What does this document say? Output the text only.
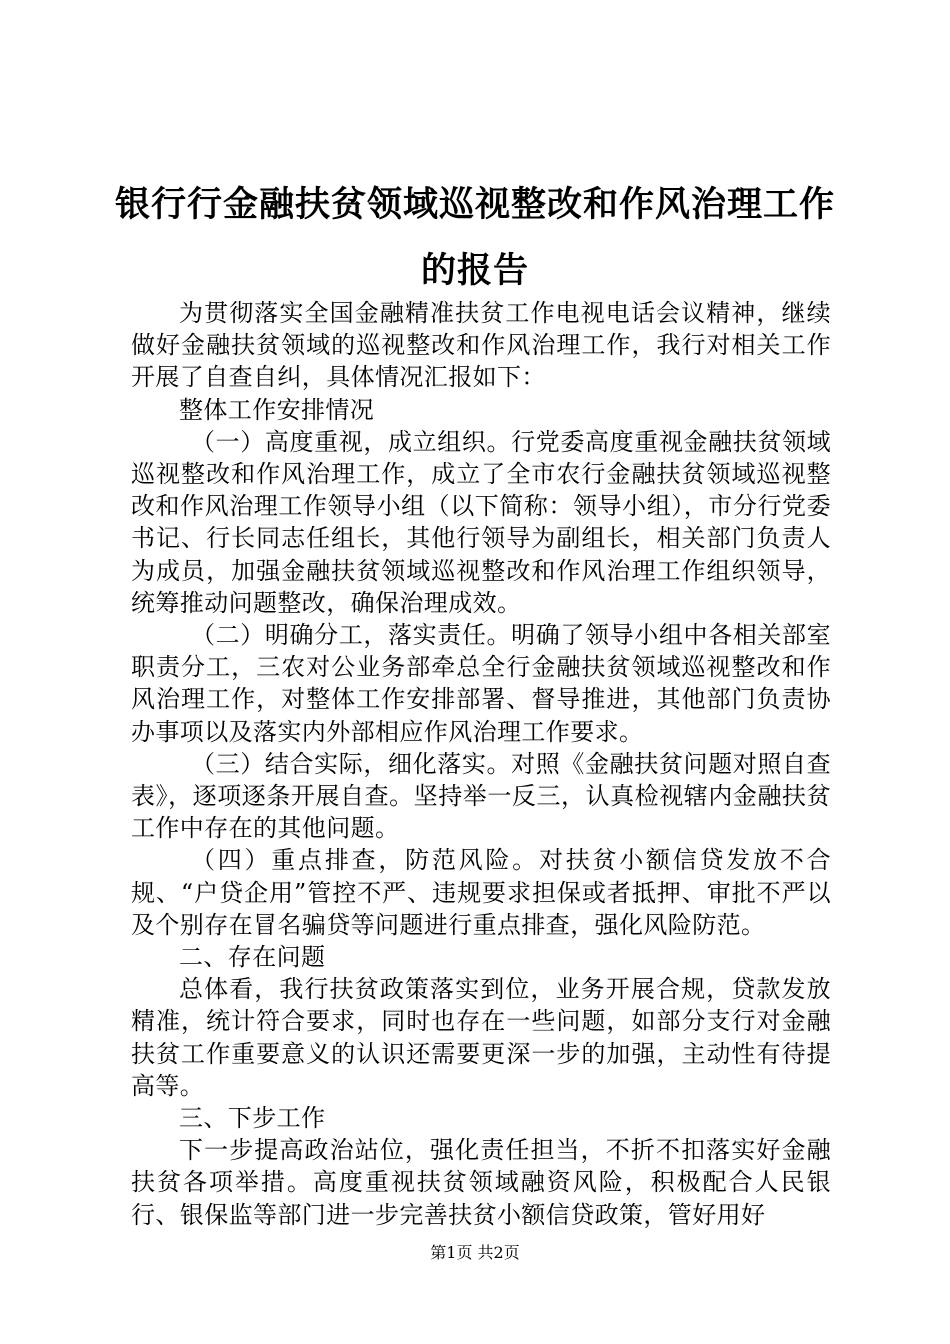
银行行金融扶贫领域巡视整改和作风治理工作
的报告

为贯彻落实全国金融精准扶贫工作电视电话会议精神，继续做好金融扶贫领域的巡视整改和作风治理工作，我行对相关工作开展了自查自纠，具体情况汇报如下：

整体工作安排情况

（一）高度重视，成立组织。行党委高度重视金融扶贫领域巡视整改和作风治理工作，成立了全市农行金融扶贫领域巡视整改和作风治理工作领导小组（以下简称：领导小组），市分行党委书记、行长同志任组长，其他行领导为副组长，相关部门负责人为成员，加强金融扶贫领域巡视整改和作风治理工作组织领导，统筹推动问题整改，确保治理成效。

（二）明确分工，落实责任。明确了领导小组中各相关部室职责分工，三农对公业务部牵总全行金融扶贫领域巡视整改和作风治理工作，对整体工作安排部署、督导推进，其他部门负责协办事项以及落实内外部相应作风治理工作要求。

（三）结合实际，细化落实。对照《金融扶贫问题对照自查表》，逐项逐条开展自查。坚持举一反三，认真检视辖内金融扶贫工作中存在的其他问题。

（四）重点排查，防范风险。对扶贫小额信贷发放不合规、“户贷企用”管控不严、违规要求担保或者抵押、审批不严以及个别存在冒名骗贷等问题进行重点排查，强化风险防范。

二、存在问题

总体看，我行扶贫政策落实到位，业务开展合规，贷款发放精准，统计符合要求，同时也存在一些问题，如部分支行对金融扶贫工作重要意义的认识还需要更深一步的加强，主动性有待提高等。

三、下步工作

下一步提高政治站位，强化责任担当，不折不扣落实好金融扶贫各项举措。高度重视扶贫领域融资风险，积极配合人民银行、银保监等部门进一步完善扶贫小额信贷政策，管好用好

第1页 共2页
